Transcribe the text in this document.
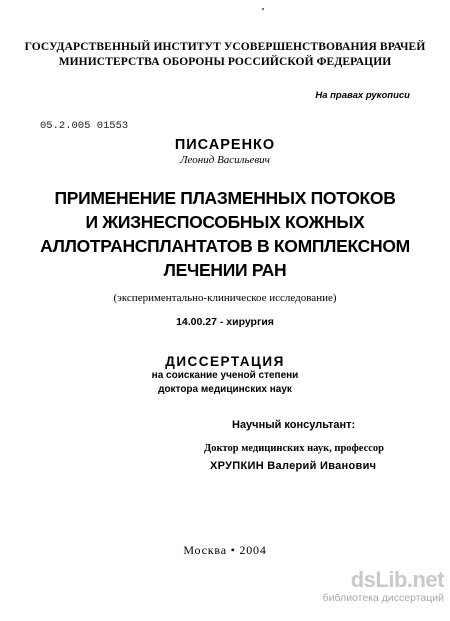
ГОСУДАРСТВЕННЫЙ ИНСТИТУТ УСОВЕРШЕНСТВОВАНИЯ ВРАЧЕЙ
МИНИСТЕРСТВА ОБОРОНЫ РОССИЙСКОЙ ФЕДЕРАЦИИ
На правах рукописи
05.2.005 01553
ПИСАРЕНКО
Леонид Васильевич
ПРИМЕНЕНИЕ ПЛАЗМЕННЫХ ПОТОКОВ
И ЖИЗНЕСПОСОБНЫХ КОЖНЫХ
АЛЛОТРАНСПЛАНТАТОВ В КОМПЛЕКСНОМ
ЛЕЧЕНИИ РАН
(экспериментально-клиническое исследование)
14.00.27 - хирургия
ДИССЕРТАЦИЯ
на соискание ученой степени
доктора медицинских наук
Научный консультант:
Доктор медицинских наук, профессор
ХРУПКИН Валерий Иванович
Москва • 2004
dsLib.net
библиотека диссертаций
